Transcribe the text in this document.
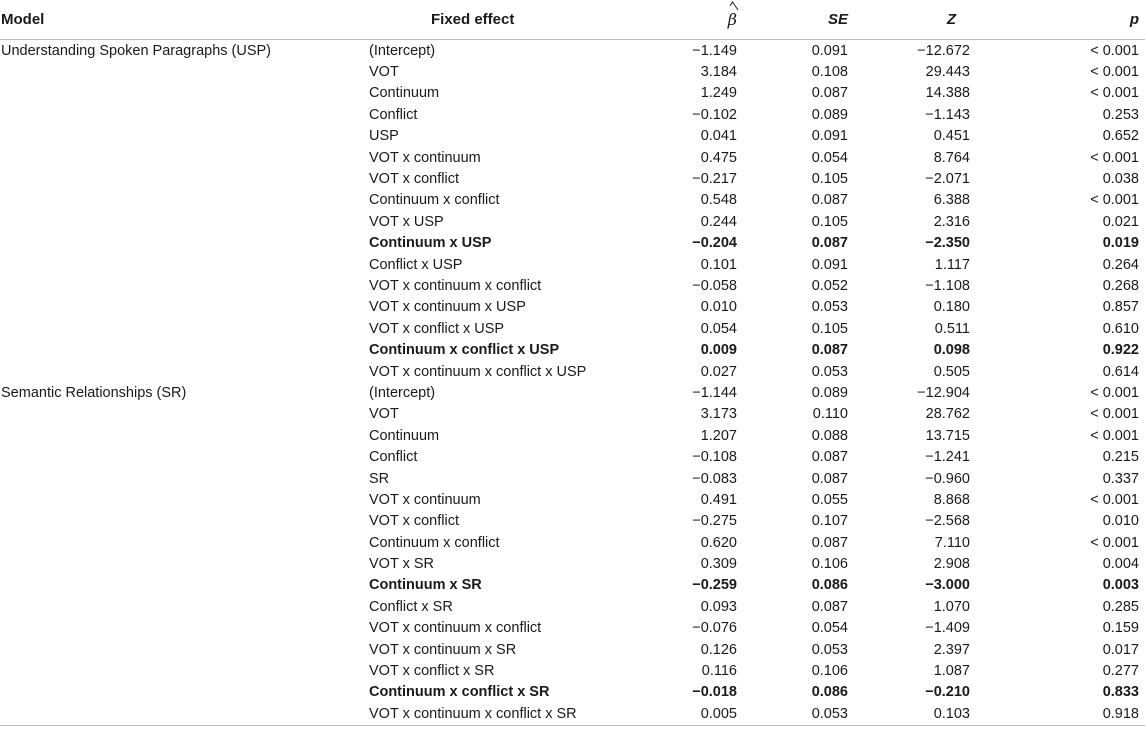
Model	Fixed effect	β	SE	Z	p
Understanding Spoken Paragraphs (USP)	(Intercept)	−1.149	0.091	−12.672	< 0.001
	VOT	3.184	0.108	29.443	< 0.001
	Continuum	1.249	0.087	14.388	< 0.001
	Conflict	−0.102	0.089	−1.143	0.253
	USP	0.041	0.091	0.451	0.652
	VOT x continuum	0.475	0.054	8.764	< 0.001
	VOT x conflict	−0.217	0.105	−2.071	0.038
	Continuum x conflict	0.548	0.087	6.388	< 0.001
	VOT x USP	0.244	0.105	2.316	0.021
	Continuum x USP	−0.204	0.087	−2.350	0.019
	Conflict x USP	0.101	0.091	1.117	0.264
	VOT x continuum x conflict	−0.058	0.052	−1.108	0.268
	VOT x continuum x USP	0.010	0.053	0.180	0.857
	VOT x conflict x USP	0.054	0.105	0.511	0.610
	Continuum x conflict x USP	0.009	0.087	0.098	0.922
	VOT x continuum x conflict x USP	0.027	0.053	0.505	0.614
Semantic Relationships (SR)	(Intercept)	−1.144	0.089	−12.904	< 0.001
	VOT	3.173	0.110	28.762	< 0.001
	Continuum	1.207	0.088	13.715	< 0.001
	Conflict	−0.108	0.087	−1.241	0.215
	SR	−0.083	0.087	−0.960	0.337
	VOT x continuum	0.491	0.055	8.868	< 0.001
	VOT x conflict	−0.275	0.107	−2.568	0.010
	Continuum x conflict	0.620	0.087	7.110	< 0.001
	VOT x SR	0.309	0.106	2.908	0.004
	Continuum x SR	−0.259	0.086	−3.000	0.003
	Conflict x SR	0.093	0.087	1.070	0.285
	VOT x continuum x conflict	−0.076	0.054	−1.409	0.159
	VOT x continuum x SR	0.126	0.053	2.397	0.017
	VOT x conflict x SR	0.116	0.106	1.087	0.277
	Continuum x conflict x SR	−0.018	0.086	−0.210	0.833
	VOT x continuum x conflict x SR	0.005	0.053	0.103	0.918
